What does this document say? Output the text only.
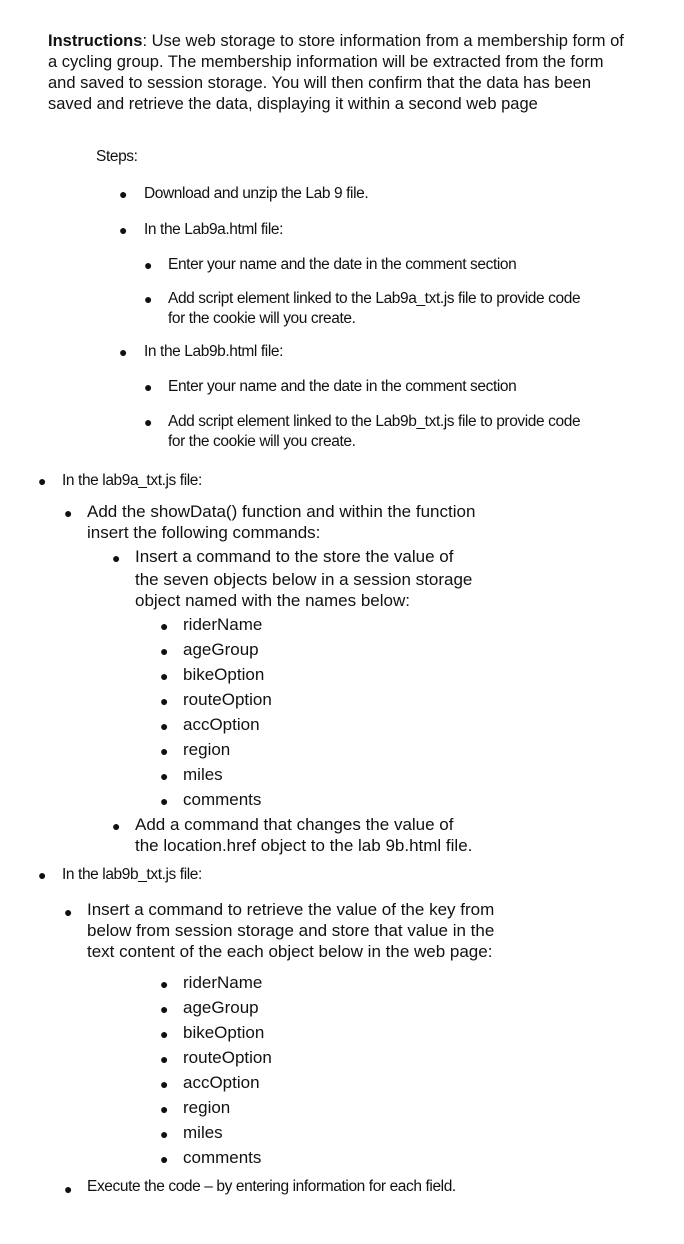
Instructions: Use web storage to store information from a membership form of a cycling group. The membership information will be extracted from the form and saved to session storage. You will then confirm that the data has been saved and retrieve the data, displaying it within a second web page
Steps:
● Download and unzip the Lab 9 file.
● In the Lab9a.html file:
● Enter your name and the date in the comment section
● Add script element linked to the Lab9a_txt.js file to provide code
for the cookie will you create.
● In the Lab9b.html file:
● Enter your name and the date in the comment section
● Add script element linked to the Lab9b_txt.js file to provide code
for the cookie will you create.
● In the lab9a_txt.js file:
● Add the showData() function and within the function
insert the following commands:
● Insert a command to the store the value of
the seven objects below in a session storage
object named with the names below:
● riderName
● ageGroup
● bikeOption
● routeOption
● accOption
● region
● miles
● comments
● Add a command that changes the value of
the location.href object to the lab 9b.html file.
● In the lab9b_txt.js file:
● Insert a command to retrieve the value of the key from
below from session storage and store that value in the
text content of the each object below in the web page:
● riderName
● ageGroup
● bikeOption
● routeOption
● accOption
● region
● miles
● comments
● Execute the code – by entering information for each field.
